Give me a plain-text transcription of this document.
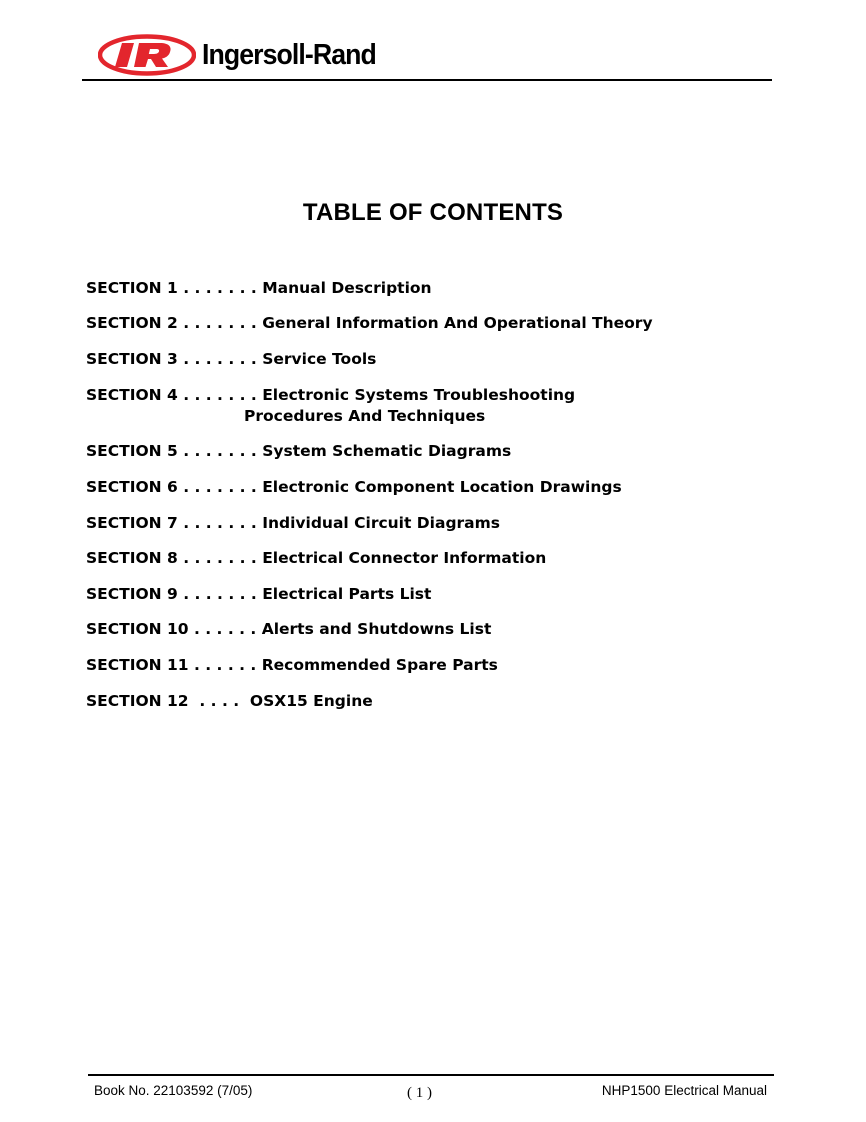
Ingersoll-Rand
TABLE OF CONTENTS
SECTION 1 . . . . . . . Manual Description
SECTION 2 . . . . . . . General Information And Operational Theory
SECTION 3 . . . . . . . Service Tools
SECTION 4 . . . . . . . Electronic Systems Troubleshooting
Procedures And Techniques
SECTION 5 . . . . . . . System Schematic Diagrams
SECTION 6 . . . . . . . Electronic Component Location Drawings
SECTION 7 . . . . . . . Individual Circuit Diagrams
SECTION 8 . . . . . . . Electrical Connector Information
SECTION 9 . . . . . . . Electrical Parts List
SECTION 10 . . . . . . Alerts and Shutdowns List
SECTION 11 . . . . . . Recommended Spare Parts
SECTION 12  . . . .  OSX15 Engine
Book No. 22103592 (7/05)	( 1 )	NHP1500 Electrical Manual
